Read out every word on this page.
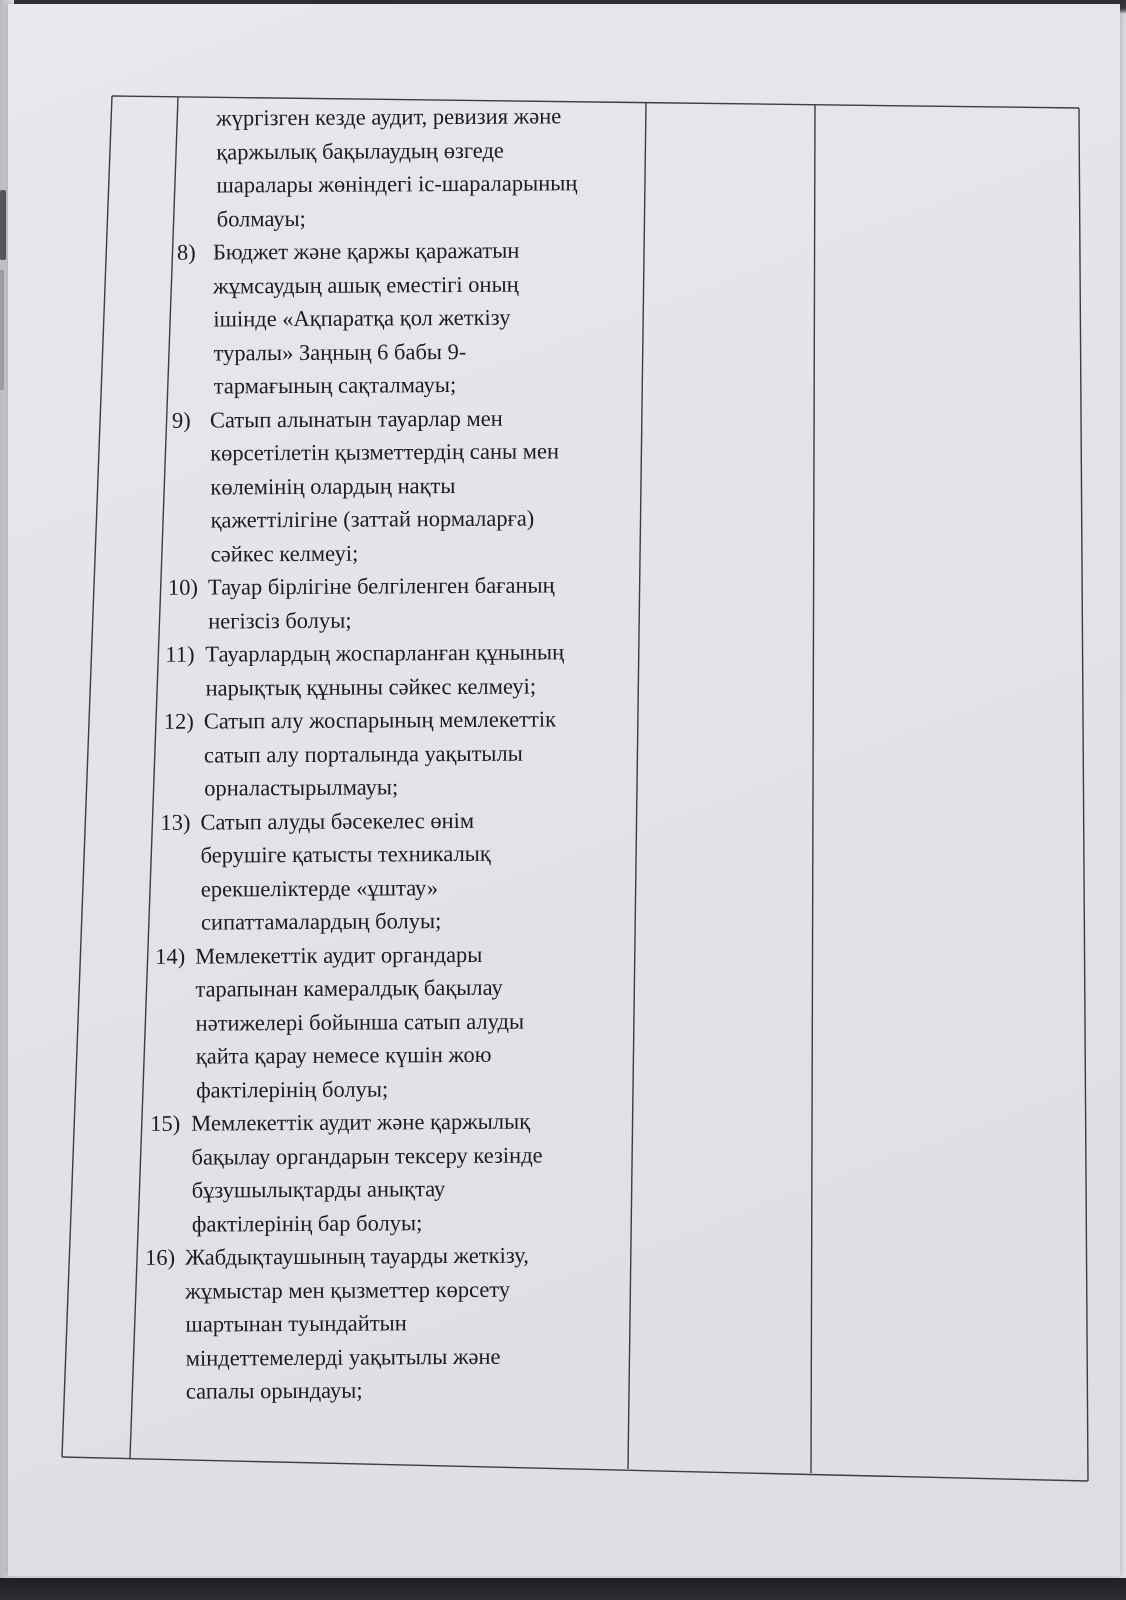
жүргізген кезде аудит, ревизия және
қаржылық бақылаудың өзгеде
шаралары жөніндегі іс-шараларының
болмауы;
8) Бюджет және қаржы қаражатын
жұмсаудың ашық еместігі оның
ішінде «Ақпаратқа қол жеткізу
туралы» Заңның 6 бабы 9-
тармағының сақталмауы;
9) Сатып алынатын тауарлар мен
көрсетілетін қызметтердің саны мен
көлемінің олардың нақты
қажеттілігіне (заттай нормаларға)
сәйкес келмеуі;
10) Тауар бірлігіне белгіленген бағаның
негізсіз болуы;
11) Тауарлардың жоспарланған құнының
нарықтық құныны сәйкес келмеуі;
12) Сатып алу жоспарының мемлекеттік
сатып алу порталында уақытылы
орналастырылмауы;
13) Сатып алуды бәсекелес өнім
берушіге қатысты техникалық
ерекшеліктерде «ұштау»
сипаттамалардың болуы;
14) Мемлекеттік аудит органдары
тарапынан камералдық бақылау
нәтижелері бойынша сатып алуды
қайта қарау немесе күшін жою
фактілерінің болуы;
15) Мемлекеттік аудит және қаржылық
бақылау органдарын тексеру кезінде
бұзушылықтарды анықтау
фактілерінің бар болуы;
16) Жабдықтаушының тауарды жеткізу,
жұмыстар мен қызметтер көрсету
шартынан туындайтын
міндеттемелерді уақытылы және
сапалы орындауы;
